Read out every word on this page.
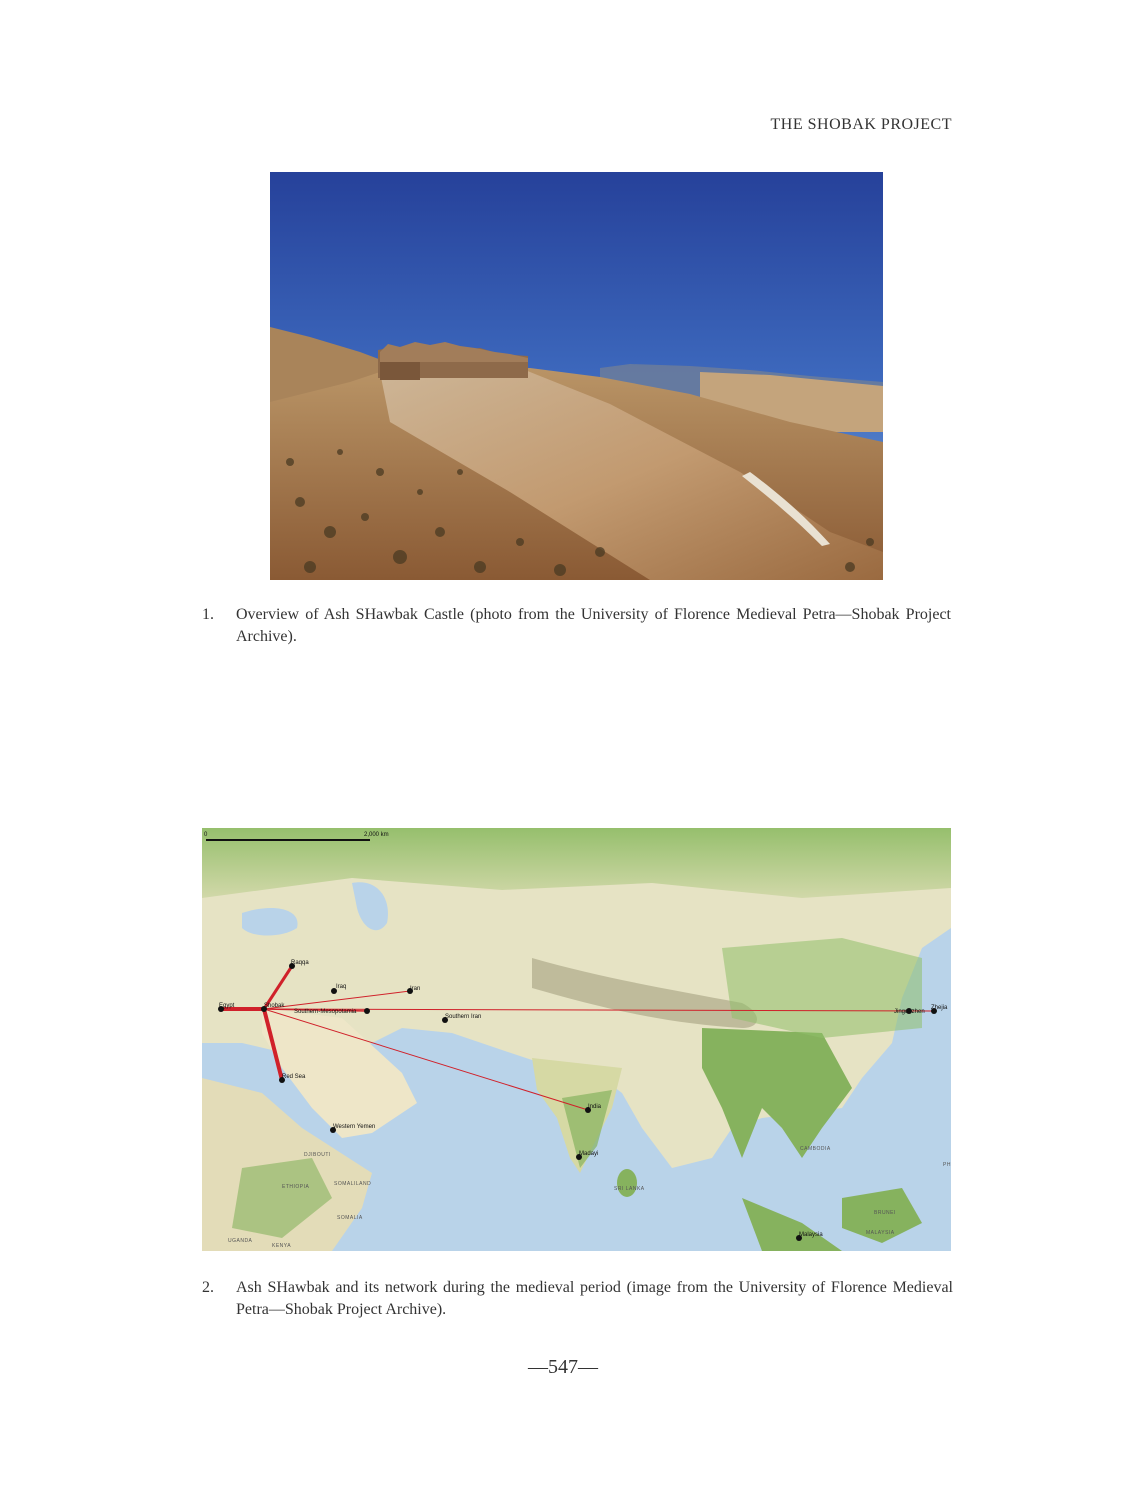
THE SHOBAK PROJECT
1. Overview of Ash SHawbak Castle (photo from the University of Florence Medieval Petra—Shobak Project Archive).
0	2,000 km
DJIBOUTI
SOMALILAND
ETHIOPIA
SOMALIA
UGANDA
KENYA
SRI LANKA
CAMBODIA
BRUNEI
MALAYSIA
PH
Egypt	Shobak
Raqqa
Iraq	Iran
Southern-Mesopotamia
Southern Iran
Red Sea
Western Yemen
India
Madayi
Malaysia
Jingdezhen
Zhejia
2. Ash SHawbak and its network during the medieval period (image from the University of Florence Medieval Petra—Shobak Project Archive).
—547—
